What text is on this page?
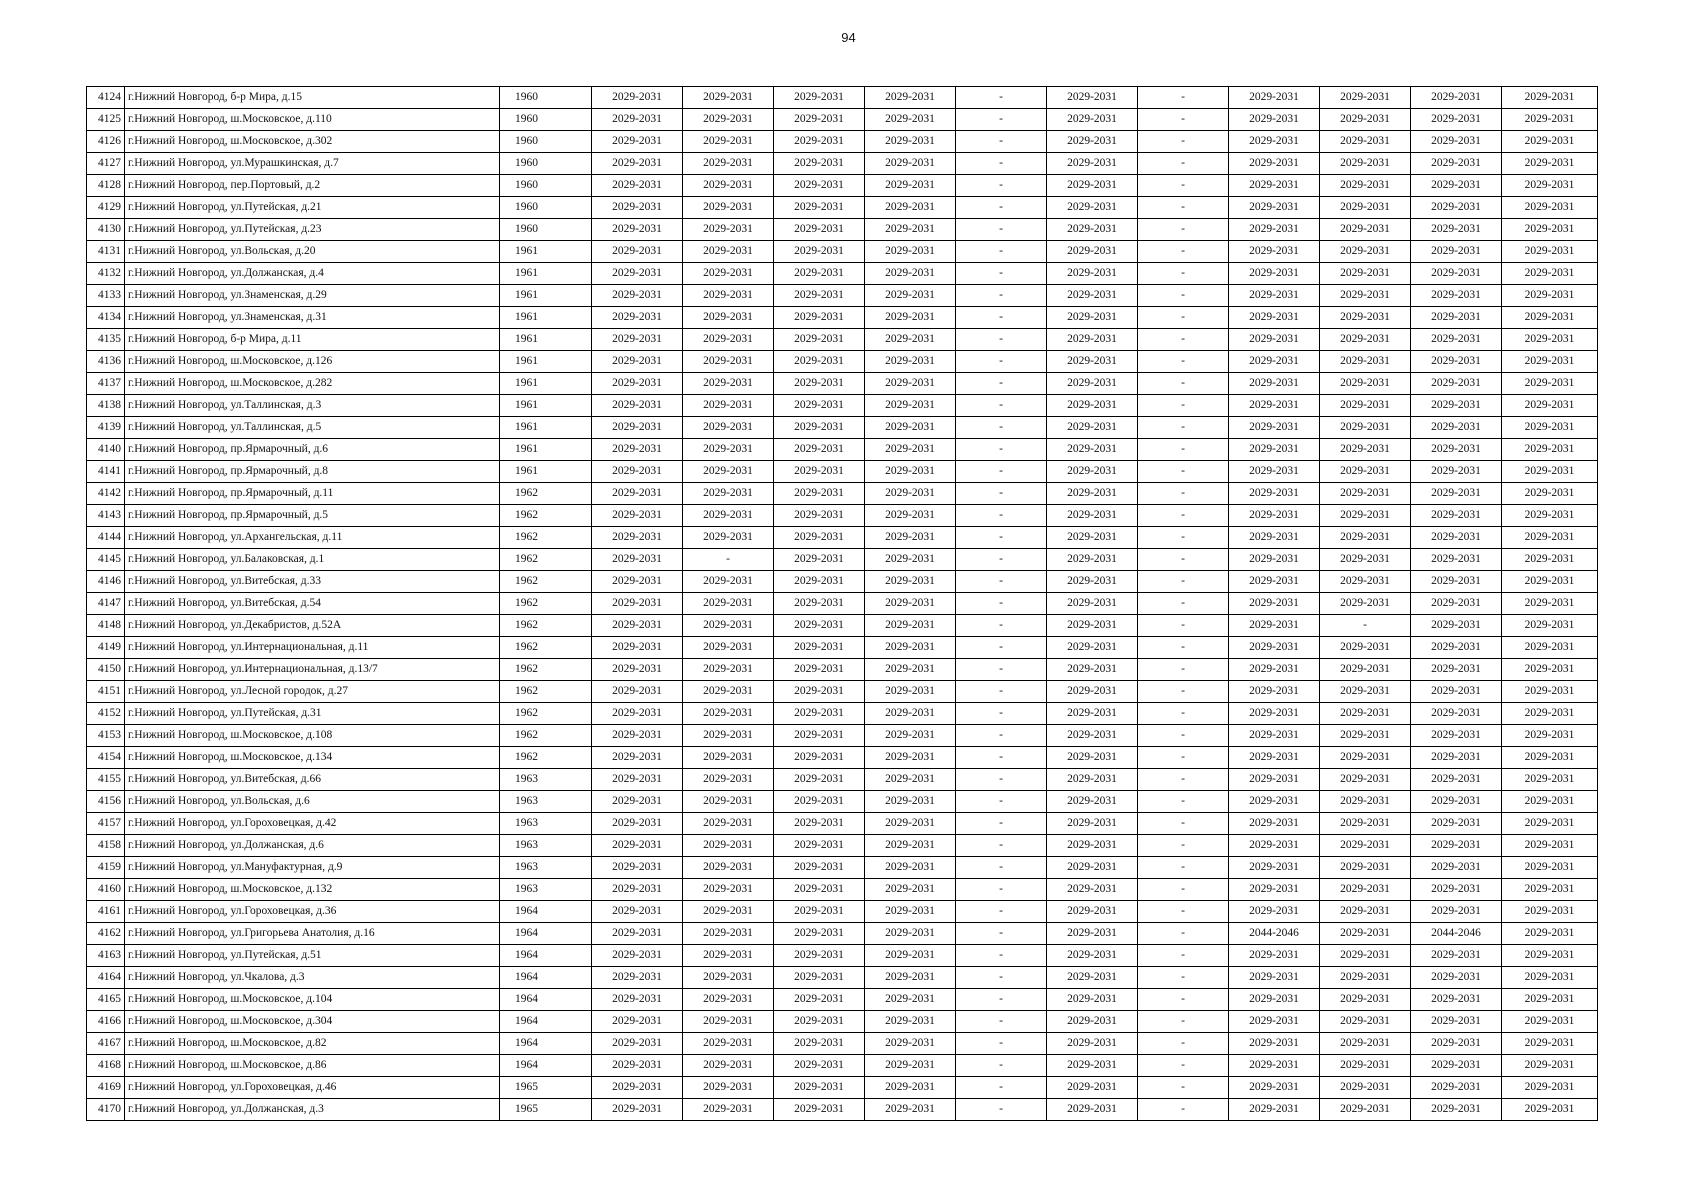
94
4124	г.Нижний Новгород, б-р Мира, д.15	1960	2029-2031	2029-2031	2029-2031	2029-2031	-	2029-2031	-	2029-2031	2029-2031	2029-2031	2029-2031
4125	г.Нижний Новгород, ш.Московское, д.110	1960	2029-2031	2029-2031	2029-2031	2029-2031	-	2029-2031	-	2029-2031	2029-2031	2029-2031	2029-2031
4126	г.Нижний Новгород, ш.Московское, д.302	1960	2029-2031	2029-2031	2029-2031	2029-2031	-	2029-2031	-	2029-2031	2029-2031	2029-2031	2029-2031
4127	г.Нижний Новгород, ул.Мурашкинская, д.7	1960	2029-2031	2029-2031	2029-2031	2029-2031	-	2029-2031	-	2029-2031	2029-2031	2029-2031	2029-2031
4128	г.Нижний Новгород, пер.Портовый, д.2	1960	2029-2031	2029-2031	2029-2031	2029-2031	-	2029-2031	-	2029-2031	2029-2031	2029-2031	2029-2031
4129	г.Нижний Новгород, ул.Путейская, д.21	1960	2029-2031	2029-2031	2029-2031	2029-2031	-	2029-2031	-	2029-2031	2029-2031	2029-2031	2029-2031
4130	г.Нижний Новгород, ул.Путейская, д.23	1960	2029-2031	2029-2031	2029-2031	2029-2031	-	2029-2031	-	2029-2031	2029-2031	2029-2031	2029-2031
4131	г.Нижний Новгород, ул.Вольская, д.20	1961	2029-2031	2029-2031	2029-2031	2029-2031	-	2029-2031	-	2029-2031	2029-2031	2029-2031	2029-2031
4132	г.Нижний Новгород, ул.Должанская, д.4	1961	2029-2031	2029-2031	2029-2031	2029-2031	-	2029-2031	-	2029-2031	2029-2031	2029-2031	2029-2031
4133	г.Нижний Новгород, ул.Знаменская, д.29	1961	2029-2031	2029-2031	2029-2031	2029-2031	-	2029-2031	-	2029-2031	2029-2031	2029-2031	2029-2031
4134	г.Нижний Новгород, ул.Знаменская, д.31	1961	2029-2031	2029-2031	2029-2031	2029-2031	-	2029-2031	-	2029-2031	2029-2031	2029-2031	2029-2031
4135	г.Нижний Новгород, б-р Мира, д.11	1961	2029-2031	2029-2031	2029-2031	2029-2031	-	2029-2031	-	2029-2031	2029-2031	2029-2031	2029-2031
4136	г.Нижний Новгород, ш.Московское, д.126	1961	2029-2031	2029-2031	2029-2031	2029-2031	-	2029-2031	-	2029-2031	2029-2031	2029-2031	2029-2031
4137	г.Нижний Новгород, ш.Московское, д.282	1961	2029-2031	2029-2031	2029-2031	2029-2031	-	2029-2031	-	2029-2031	2029-2031	2029-2031	2029-2031
4138	г.Нижний Новгород, ул.Таллинская, д.3	1961	2029-2031	2029-2031	2029-2031	2029-2031	-	2029-2031	-	2029-2031	2029-2031	2029-2031	2029-2031
4139	г.Нижний Новгород, ул.Таллинская, д.5	1961	2029-2031	2029-2031	2029-2031	2029-2031	-	2029-2031	-	2029-2031	2029-2031	2029-2031	2029-2031
4140	г.Нижний Новгород, пр.Ярмарочный, д.6	1961	2029-2031	2029-2031	2029-2031	2029-2031	-	2029-2031	-	2029-2031	2029-2031	2029-2031	2029-2031
4141	г.Нижний Новгород, пр.Ярмарочный, д.8	1961	2029-2031	2029-2031	2029-2031	2029-2031	-	2029-2031	-	2029-2031	2029-2031	2029-2031	2029-2031
4142	г.Нижний Новгород, пр.Ярмарочный, д.11	1962	2029-2031	2029-2031	2029-2031	2029-2031	-	2029-2031	-	2029-2031	2029-2031	2029-2031	2029-2031
4143	г.Нижний Новгород, пр.Ярмарочный, д.5	1962	2029-2031	2029-2031	2029-2031	2029-2031	-	2029-2031	-	2029-2031	2029-2031	2029-2031	2029-2031
4144	г.Нижний Новгород, ул.Архангельская, д.11	1962	2029-2031	2029-2031	2029-2031	2029-2031	-	2029-2031	-	2029-2031	2029-2031	2029-2031	2029-2031
4145	г.Нижний Новгород, ул.Балаковская, д.1	1962	2029-2031	-	2029-2031	2029-2031	-	2029-2031	-	2029-2031	2029-2031	2029-2031	2029-2031
4146	г.Нижний Новгород, ул.Витебская, д.33	1962	2029-2031	2029-2031	2029-2031	2029-2031	-	2029-2031	-	2029-2031	2029-2031	2029-2031	2029-2031
4147	г.Нижний Новгород, ул.Витебская, д.54	1962	2029-2031	2029-2031	2029-2031	2029-2031	-	2029-2031	-	2029-2031	2029-2031	2029-2031	2029-2031
4148	г.Нижний Новгород, ул.Декабристов, д.52А	1962	2029-2031	2029-2031	2029-2031	2029-2031	-	2029-2031	-	2029-2031	-	2029-2031	2029-2031
4149	г.Нижний Новгород, ул.Интернациональная, д.11	1962	2029-2031	2029-2031	2029-2031	2029-2031	-	2029-2031	-	2029-2031	2029-2031	2029-2031	2029-2031
4150	г.Нижний Новгород, ул.Интернациональная, д.13/7	1962	2029-2031	2029-2031	2029-2031	2029-2031	-	2029-2031	-	2029-2031	2029-2031	2029-2031	2029-2031
4151	г.Нижний Новгород, ул.Лесной городок, д.27	1962	2029-2031	2029-2031	2029-2031	2029-2031	-	2029-2031	-	2029-2031	2029-2031	2029-2031	2029-2031
4152	г.Нижний Новгород, ул.Путейская, д.31	1962	2029-2031	2029-2031	2029-2031	2029-2031	-	2029-2031	-	2029-2031	2029-2031	2029-2031	2029-2031
4153	г.Нижний Новгород, ш.Московское, д.108	1962	2029-2031	2029-2031	2029-2031	2029-2031	-	2029-2031	-	2029-2031	2029-2031	2029-2031	2029-2031
4154	г.Нижний Новгород, ш.Московское, д.134	1962	2029-2031	2029-2031	2029-2031	2029-2031	-	2029-2031	-	2029-2031	2029-2031	2029-2031	2029-2031
4155	г.Нижний Новгород, ул.Витебская, д.66	1963	2029-2031	2029-2031	2029-2031	2029-2031	-	2029-2031	-	2029-2031	2029-2031	2029-2031	2029-2031
4156	г.Нижний Новгород, ул.Вольская, д.6	1963	2029-2031	2029-2031	2029-2031	2029-2031	-	2029-2031	-	2029-2031	2029-2031	2029-2031	2029-2031
4157	г.Нижний Новгород, ул.Гороховецкая, д.42	1963	2029-2031	2029-2031	2029-2031	2029-2031	-	2029-2031	-	2029-2031	2029-2031	2029-2031	2029-2031
4158	г.Нижний Новгород, ул.Должанская, д.6	1963	2029-2031	2029-2031	2029-2031	2029-2031	-	2029-2031	-	2029-2031	2029-2031	2029-2031	2029-2031
4159	г.Нижний Новгород, ул.Мануфактурная, д.9	1963	2029-2031	2029-2031	2029-2031	2029-2031	-	2029-2031	-	2029-2031	2029-2031	2029-2031	2029-2031
4160	г.Нижний Новгород, ш.Московское, д.132	1963	2029-2031	2029-2031	2029-2031	2029-2031	-	2029-2031	-	2029-2031	2029-2031	2029-2031	2029-2031
4161	г.Нижний Новгород, ул.Гороховецкая, д.36	1964	2029-2031	2029-2031	2029-2031	2029-2031	-	2029-2031	-	2029-2031	2029-2031	2029-2031	2029-2031
4162	г.Нижний Новгород, ул.Григорьева Анатолия, д.16	1964	2029-2031	2029-2031	2029-2031	2029-2031	-	2029-2031	-	2044-2046	2029-2031	2044-2046	2029-2031
4163	г.Нижний Новгород, ул.Путейская, д.51	1964	2029-2031	2029-2031	2029-2031	2029-2031	-	2029-2031	-	2029-2031	2029-2031	2029-2031	2029-2031
4164	г.Нижний Новгород, ул.Чкалова, д.3	1964	2029-2031	2029-2031	2029-2031	2029-2031	-	2029-2031	-	2029-2031	2029-2031	2029-2031	2029-2031
4165	г.Нижний Новгород, ш.Московское, д.104	1964	2029-2031	2029-2031	2029-2031	2029-2031	-	2029-2031	-	2029-2031	2029-2031	2029-2031	2029-2031
4166	г.Нижний Новгород, ш.Московское, д.304	1964	2029-2031	2029-2031	2029-2031	2029-2031	-	2029-2031	-	2029-2031	2029-2031	2029-2031	2029-2031
4167	г.Нижний Новгород, ш.Московское, д.82	1964	2029-2031	2029-2031	2029-2031	2029-2031	-	2029-2031	-	2029-2031	2029-2031	2029-2031	2029-2031
4168	г.Нижний Новгород, ш.Московское, д.86	1964	2029-2031	2029-2031	2029-2031	2029-2031	-	2029-2031	-	2029-2031	2029-2031	2029-2031	2029-2031
4169	г.Нижний Новгород, ул.Гороховецкая, д.46	1965	2029-2031	2029-2031	2029-2031	2029-2031	-	2029-2031	-	2029-2031	2029-2031	2029-2031	2029-2031
4170	г.Нижний Новгород, ул.Должанская, д.3	1965	2029-2031	2029-2031	2029-2031	2029-2031	-	2029-2031	-	2029-2031	2029-2031	2029-2031	2029-2031
